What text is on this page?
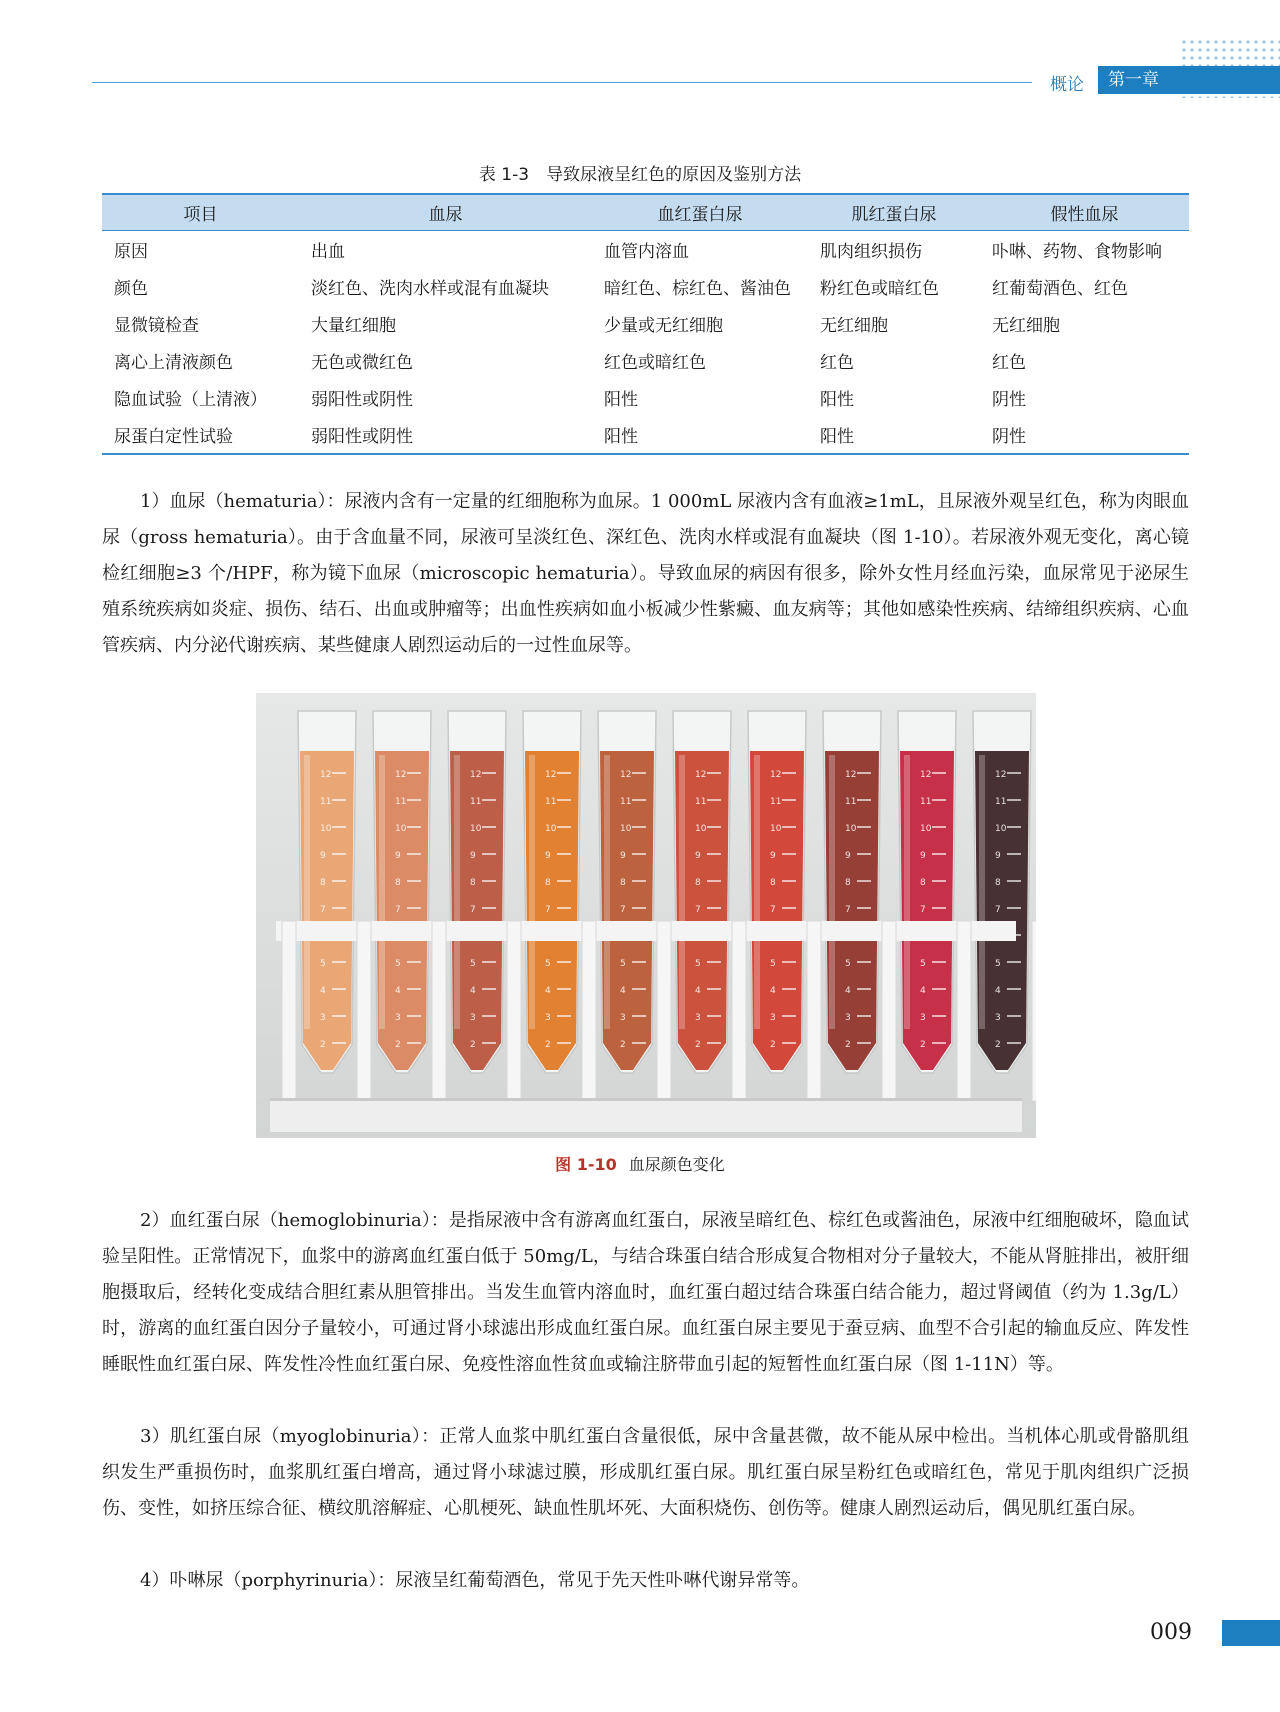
概论	第一章
表 1-3　导致尿液呈红色的原因及鉴别方法
项目	血尿	血红蛋白尿	肌红蛋白尿	假性血尿
原因	出血	血管内溶血	肌肉组织损伤	卟啉、药物、食物影响
颜色	淡红色、洗肉水样或混有血凝块	暗红色、棕红色、酱油色	粉红色或暗红色	红葡萄酒色、红色
显微镜检查	大量红细胞	少量或无红细胞	无红细胞	无红细胞
离心上清液颜色	无色或微红色	红色或暗红色	红色	红色
隐血试验（上清液）	弱阳性或阴性	阳性	阳性	阴性
尿蛋白定性试验	弱阳性或阴性	阳性	阳性	阴性

1）血尿（hematuria）：尿液内含有一定量的红细胞称为血尿。1 000mL 尿液内含有血液≥1mL，且尿液外观呈红色，称为肉眼血尿（gross hematuria）。由于含血量不同，尿液可呈淡红色、深红色、洗肉水样或混有血凝块（图 1-10）。若尿液外观无变化，离心镜检红细胞≥3 个/HPF，称为镜下血尿（microscopic hematuria）。导致血尿的病因有很多，除外女性月经血污染，血尿常见于泌尿生殖系统疾病如炎症、损伤、结石、出血或肿瘤等；出血性疾病如血小板减少性紫癜、血友病等；其他如感染性疾病、结缔组织疾病、心血管疾病、内分泌代谢疾病、某些健康人剧烈运动后的一过性血尿等。

12
11
10
9
8
7
5
4
3
2
12
11
10
9
8
7
5
4
3
2
12
11
10
9
8
7
5
4
3
2
12
11
10
9
8
7
5
4
3
2
12
11
10
9
8
7
5
4
3
2
12
11
10
9
8
7
5
4
3
2
12
11
10
9
8
7
5
4
3
2
12
11
10
9
8
7
5
4
3
2
12
11
10
9
8
7
5
4
3
2
12
11
10
9
8
7
5
4
3
2
图 1-10 血尿颜色变化

2）血红蛋白尿（hemoglobinuria）：是指尿液中含有游离血红蛋白，尿液呈暗红色、棕红色或酱油色，尿液中红细胞破坏，隐血试验呈阳性。正常情况下，血浆中的游离血红蛋白低于 50mg/L，与结合珠蛋白结合形成复合物相对分子量较大，不能从肾脏排出，被肝细胞摄取后，经转化变成结合胆红素从胆管排出。当发生血管内溶血时，血红蛋白超过结合珠蛋白结合能力，超过肾阈值（约为 1.3g/L）时，游离的血红蛋白因分子量较小，可通过肾小球滤出形成血红蛋白尿。血红蛋白尿主要见于蚕豆病、血型不合引起的输血反应、阵发性睡眠性血红蛋白尿、阵发性冷性血红蛋白尿、免疫性溶血性贫血或输注脐带血引起的短暂性血红蛋白尿（图 1-11N）等。

3）肌红蛋白尿（myoglobinuria）：正常人血浆中肌红蛋白含量很低，尿中含量甚微，故不能从尿中检出。当机体心肌或骨骼肌组织发生严重损伤时，血浆肌红蛋白增高，通过肾小球滤过膜，形成肌红蛋白尿。肌红蛋白尿呈粉红色或暗红色，常见于肌肉组织广泛损伤、变性，如挤压综合征、横纹肌溶解症、心肌梗死、缺血性肌坏死、大面积烧伤、创伤等。健康人剧烈运动后，偶见肌红蛋白尿。

4）卟啉尿（porphyrinuria）：尿液呈红葡萄酒色，常见于先天性卟啉代谢异常等。

009
